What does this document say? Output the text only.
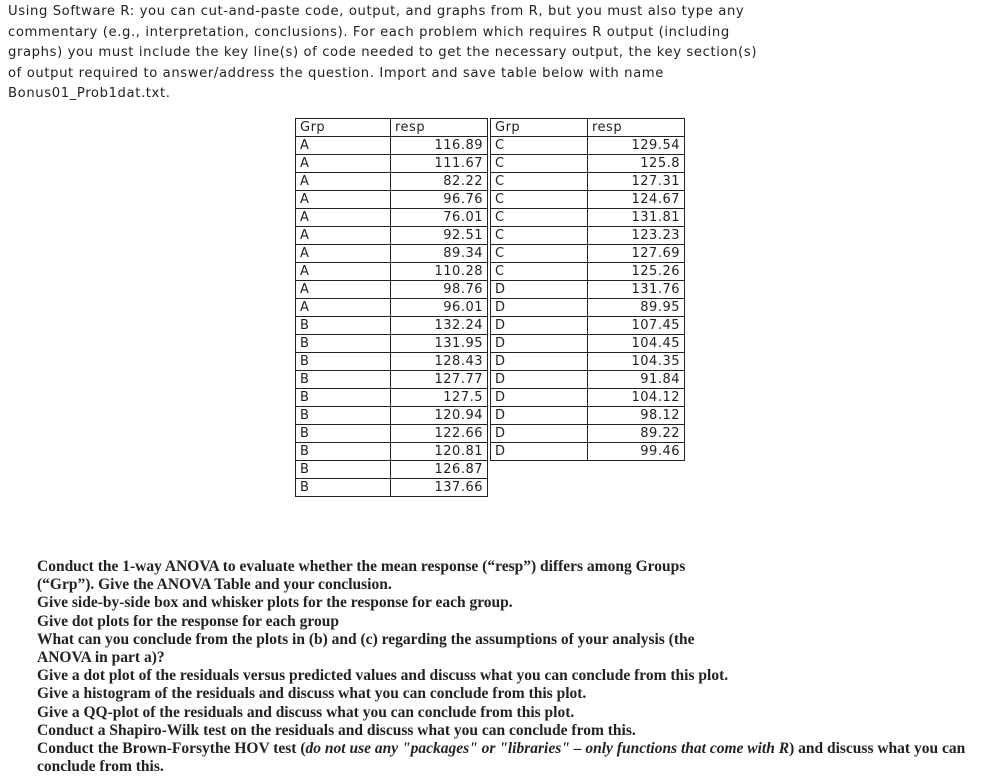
Using Software R: you can cut-and-paste code, output, and graphs from R, but you must also type any
commentary (e.g., interpretation, conclusions). For each problem which requires R output (including
graphs) you must include the key line(s) of code needed to get the necessary output, the key section(s)
of output required to answer/address the question. Import and save table below with name
Bonus01_Prob1dat.txt.
Grp	resp
A	116.89
A	111.67
A	82.22
A	96.76
A	76.01
A	92.51
A	89.34
A	110.28
A	98.76
A	96.01
B	132.24
B	131.95
B	128.43
B	127.77
B	127.5
B	120.94
B	122.66
B	120.81
B	126.87
B	137.66
Grp	resp
C	129.54
C	125.8
C	127.31
C	124.67
C	131.81
C	123.23
C	127.69
C	125.26
D	131.76
D	89.95
D	107.45
D	104.45
D	104.35
D	91.84
D	104.12
D	98.12
D	89.22
D	99.46
Conduct the 1-way ANOVA to evaluate whether the mean response (“resp”) differs among Groups
(“Grp”). Give the ANOVA Table and your conclusion.
Give side-by-side box and whisker plots for the response for each group.
Give dot plots for the response for each group
What can you conclude from the plots in (b) and (c) regarding the assumptions of your analysis (the
ANOVA in part a)?
Give a dot plot of the residuals versus predicted values and discuss what you can conclude from this plot.
Give a histogram of the residuals and discuss what you can conclude from this plot.
Give a QQ-plot of the residuals and discuss what you can conclude from this plot.
Conduct a Shapiro-Wilk test on the residuals and discuss what you can conclude from this.
Conduct the Brown-Forsythe HOV test (do not use any "packages" or "libraries" – only functions that come with R) and discuss what you can conclude from this.
